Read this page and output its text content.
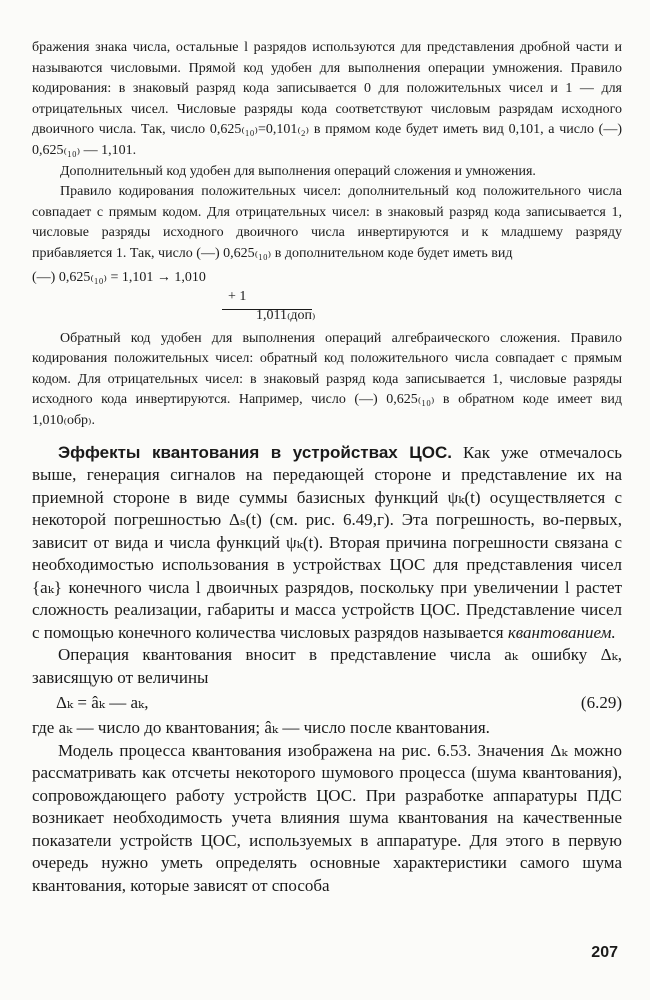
бражения знака числа, остальные l разрядов используются для представления дробной части и называются числовыми. Прямой код удобен для выполнения операции умножения. Правило кодирования: в знаковый разряд кода записывается 0 для положительных чисел и 1 — для отрицательных чисел. Числовые разряды кода соответствуют числовым разрядам исходного двоичного числа. Так, число 0,625₍₁₀₎=0,101₍₂₎ в прямом коде будет иметь вид 0,101, а число (—) 0,625₍₁₀₎ — 1,101.

Дополнительный код удобен для выполнения операций сложения и умножения.

Правило кодирования положительных чисел: дополнительный код положительного числа совпадает с прямым кодом. Для отрицательных чисел: в знаковый разряд кода записывается 1, числовые разряды исходного двоичного числа инвертируются и к младшему разряду прибавляется 1. Так, число (—) 0,625₍₁₀₎ в дополнительном коде будет иметь вид

(—) 0,625₍₁₀₎ = 1,101 → 1,010
+ 1
1,011₍доп₎

Обратный код удобен для выполнения операций алгебраического сложения. Правило кодирования положительных чисел: обратный код положительного числа совпадает с прямым кодом. Для отрицательных чисел: в знаковый разряд кода записывается 1, числовые разряды исходного кода инвертируются. Например, число (—) 0,625₍₁₀₎ в обратном коде имеет вид 1,010₍обр₎.

Эффекты квантования в устройствах ЦОС. Как уже отмечалось выше, генерация сигналов на передающей стороне и представление их на приемной стороне в виде суммы базисных функций ψₖ(t) осуществляется с некоторой погрешностью Δₛ(t) (см. рис. 6.49,г). Эта погрешность, во-первых, зависит от вида и числа функций ψₖ(t). Вторая причина погрешности связана с необходимостью использования в устройствах ЦОС для представления чисел {aₖ} конечного числа l двоичных разрядов, поскольку при увеличении l растет сложность реализации, габариты и масса устройств ЦОС. Представление чисел с помощью конечного количества числовых разрядов называется квантованием.

Операция квантования вносит в представление числа aₖ ошибку Δₖ, зависящую от величины

Δₖ = âₖ — aₖ,	(6.29)

где aₖ — число до квантования; âₖ — число после квантования.

Модель процесса квантования изображена на рис. 6.53. Значения Δₖ можно рассматривать как отсчеты некоторого шумового процесса (шума квантования), сопровождающего работу устройств ЦОС. При разработке аппаратуры ПДС возникает необходимость учета влияния шума квантования на качественные показатели устройств ЦОС, используемых в аппаратуре. Для этого в первую очередь нужно уметь определять основные характеристики самого шума квантования, которые зависят от способа

207
